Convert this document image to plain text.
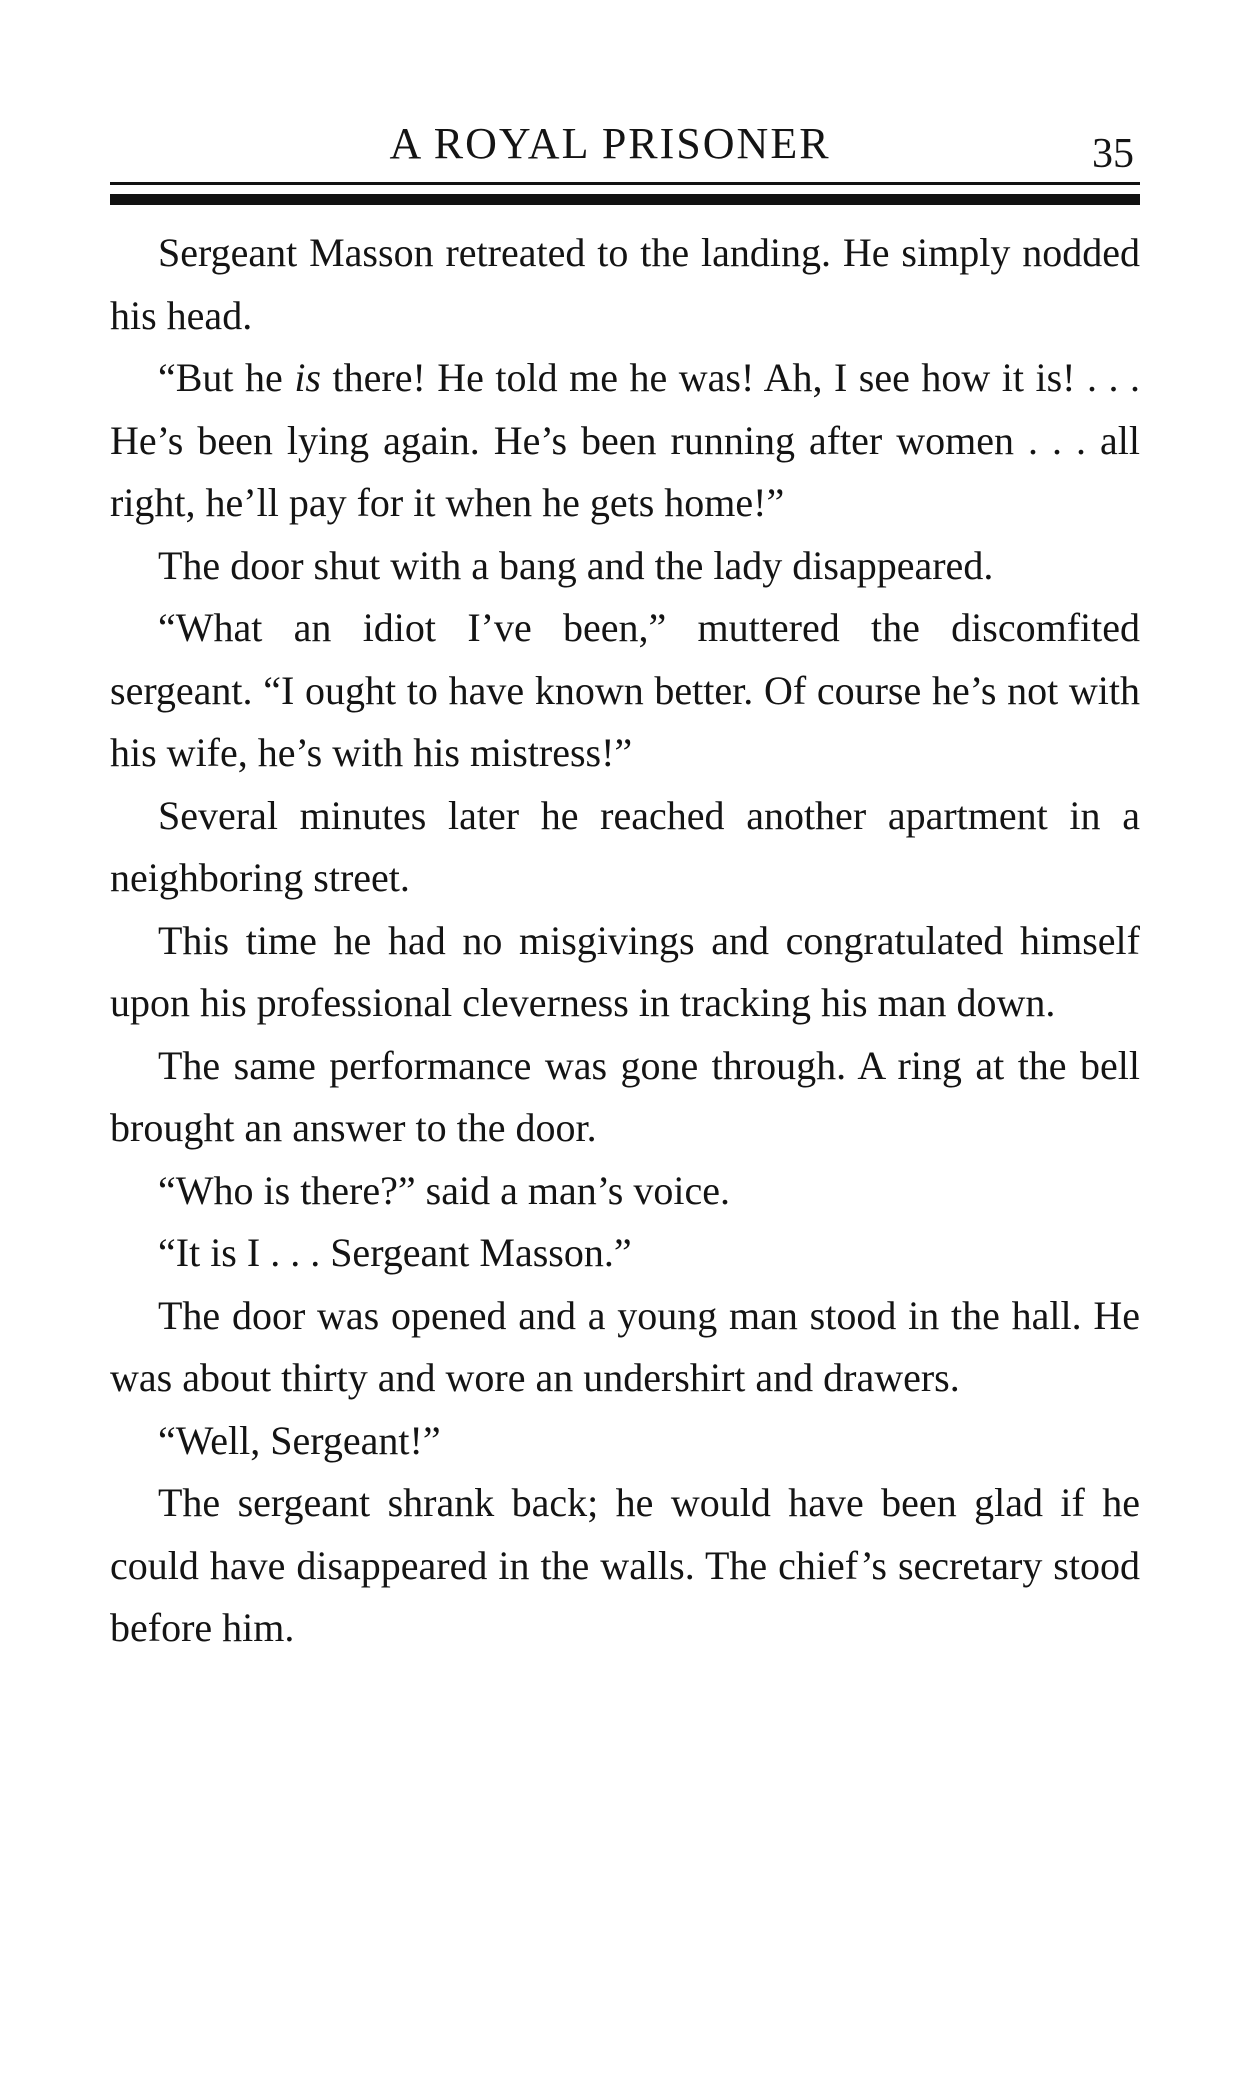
A ROYAL PRISONER	35

Sergeant Masson retreated to the landing. He simply nodded his head.

“But he is there! He told me he was! Ah, I see how it is! . . . He’s been lying again. He’s been running after women . . . all right, he’ll pay for it when he gets home!”

The door shut with a bang and the lady disappeared.

“What an idiot I’ve been,” muttered the discomfited sergeant. “I ought to have known better. Of course he’s not with his wife, he’s with his mistress!”

Several minutes later he reached another apartment in a neighboring street.

This time he had no misgivings and congratulated himself upon his professional cleverness in tracking his man down.

The same performance was gone through. A ring at the bell brought an answer to the door.

“Who is there?” said a man’s voice.

“It is I . . . Sergeant Masson.”

The door was opened and a young man stood in the hall. He was about thirty and wore an undershirt and drawers.

“Well, Sergeant!”

The sergeant shrank back; he would have been glad if he could have disappeared in the walls. The chief’s secretary stood before him.
